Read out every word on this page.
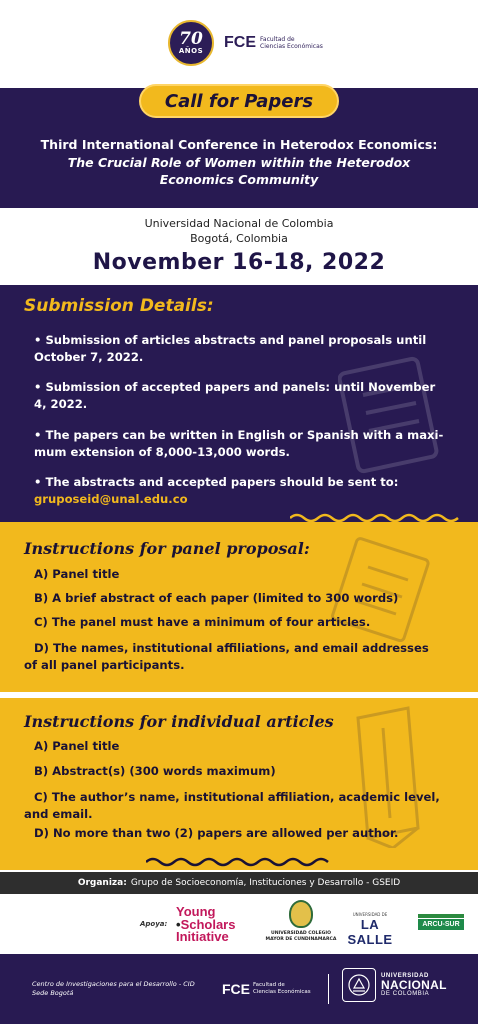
70
AÑOS FCE Facultad de
Ciencias Económicas
Call for Papers
Third International Conference in Heterodox Economics:
The Crucial Role of Women within the Heterodox
Economics Community
Universidad Nacional de Colombia
Bogotá, Colombia
November 16-18, 2022
Submission Details:
• Submission of articles abstracts and panel proposals until
October 7, 2022.
• Submission of accepted papers and panels: until November
4, 2022.
• The papers can be written in English or Spanish with a maxi-
mum extension of 8,000-13,000 words.
• The abstracts and accepted papers should be sent to:
gruposeid@unal.edu.co
Instructions for panel proposal:
A) Panel title
B) A brief abstract of each paper (limited to 300 words)
C) The panel must have a minimum of four articles.
D) The names, institutional affiliations, and email addresses
of all panel participants.
Instructions for individual articles
A) Panel title
B) Abstract(s) (300 words maximum)
C) The author’s name, institutional affiliation, academic level,
and email.
D) No more than two (2) papers are allowed per author.
Organiza: Grupo de Socioeconomía, Instituciones y Desarrollo - GSEID
Apoya:
Young
•Scholars
Initiative	UNIVERSIDAD COLEGIO
MAYOR DE CUNDINAMARCA
UNIVERSIDAD DE
LA SALLE
ARCU-SUR
Centro de Investigaciones para el Desarrollo - CID
Sede Bogotá	FCE Facultad de
Ciencias Económicas
UNIVERSIDAD
NACIONAL
DE COLOMBIA
